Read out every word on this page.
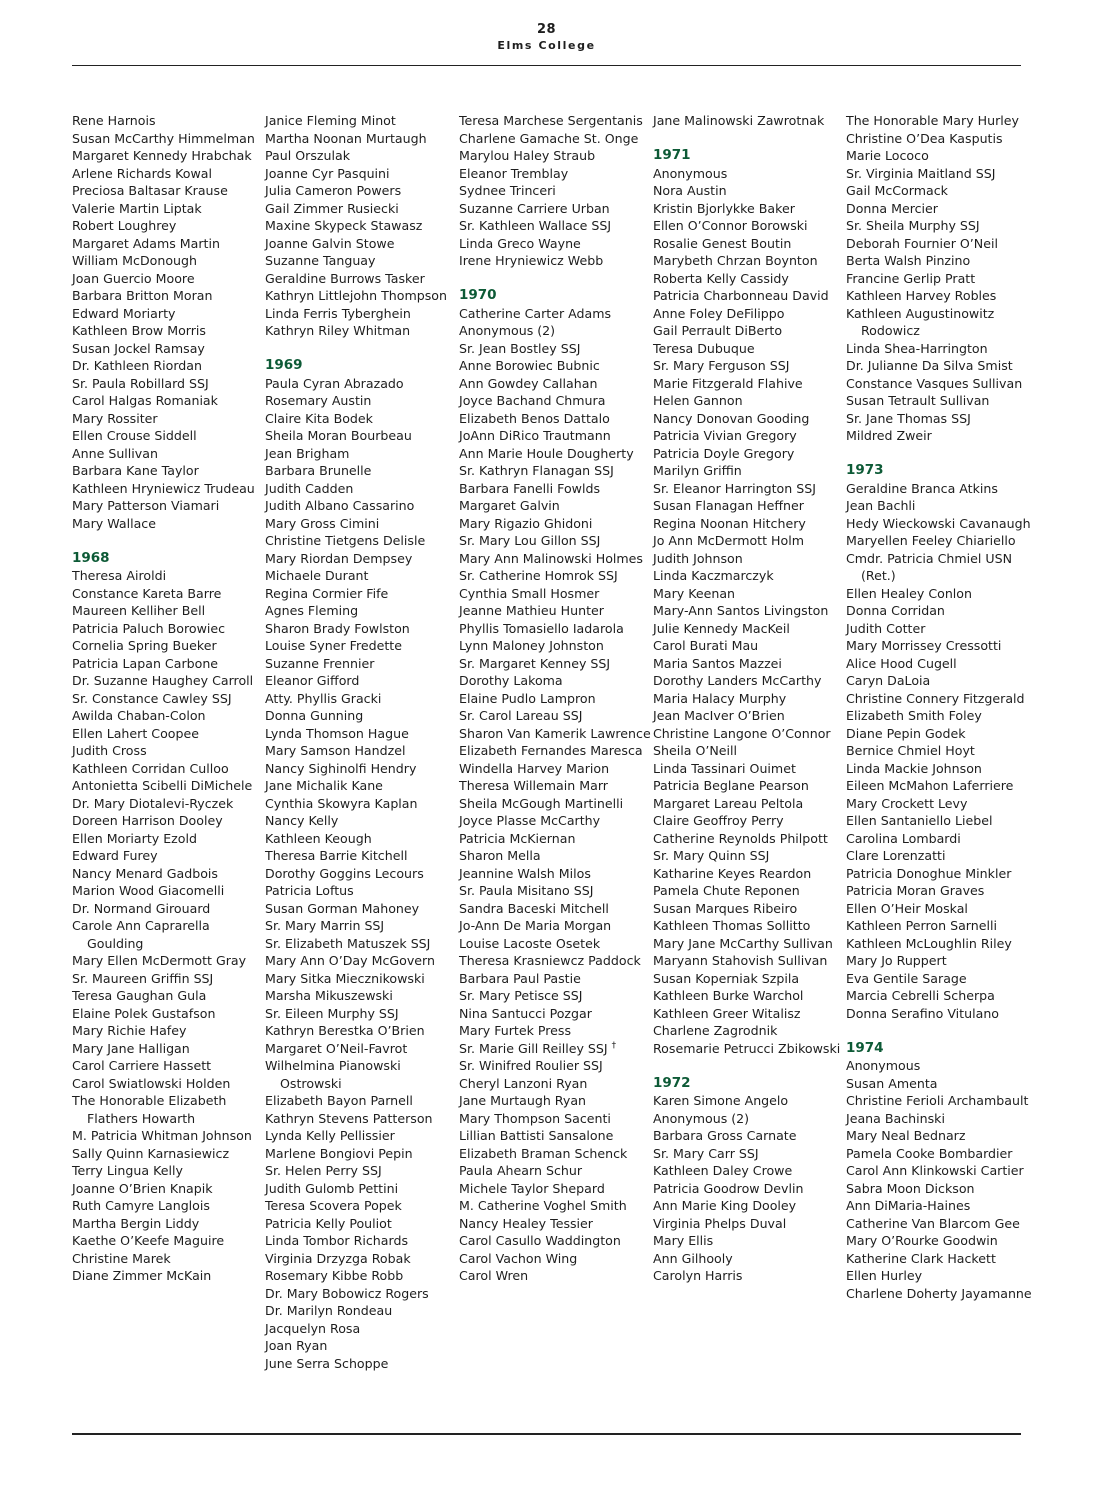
28
Elms College
Rene Harnois
Susan McCarthy Himmelman
Margaret Kennedy Hrabchak
Arlene Richards Kowal
Preciosa Baltasar Krause
Valerie Martin Liptak
Robert Loughrey
Margaret Adams Martin
William McDonough
Joan Guercio Moore
Barbara Britton Moran
Edward Moriarty
Kathleen Brow Morris
Susan Jockel Ramsay
Dr. Kathleen Riordan
Sr. Paula Robillard SSJ
Carol Halgas Romaniak
Mary Rossiter
Ellen Crouse Siddell
Anne Sullivan
Barbara Kane Taylor
Kathleen Hryniewicz Trudeau
Mary Patterson Viamari
Mary Wallace
1968
Theresa Airoldi
Constance Kareta Barre
Maureen Kelliher Bell
Patricia Paluch Borowiec
Cornelia Spring Bueker
Patricia Lapan Carbone
Dr. Suzanne Haughey Carroll
Sr. Constance Cawley SSJ
Awilda Chaban-Colon
Ellen Lahert Coopee
Judith Cross
Kathleen Corridan Culloo
Antonietta Scibelli DiMichele
Dr. Mary Diotalevi-Ryczek
Doreen Harrison Dooley
Ellen Moriarty Ezold
Edward Furey
Nancy Menard Gadbois
Marion Wood Giacomelli
Dr. Normand Girouard
Carole Ann Caprarella Goulding
Mary Ellen McDermott Gray
Sr. Maureen Griffin SSJ
Teresa Gaughan Gula
Elaine Polek Gustafson
Mary Richie Hafey
Mary Jane Halligan
Carol Carriere Hassett
Carol Swiatlowski Holden
The Honorable Elizabeth Flathers Howarth
M. Patricia Whitman Johnson
Sally Quinn Karnasiewicz
Terry Lingua Kelly
Joanne O’Brien Knapik
Ruth Camyre Langlois
Martha Bergin Liddy
Kaethe O’Keefe Maguire
Christine Marek
Diane Zimmer McKain
Janice Fleming Minot
Martha Noonan Murtaugh
Paul Orszulak
Joanne Cyr Pasquini
Julia Cameron Powers
Gail Zimmer Rusiecki
Maxine Skypeck Stawasz
Joanne Galvin Stowe
Suzanne Tanguay
Geraldine Burrows Tasker
Kathryn Littlejohn Thompson
Linda Ferris Tyberghein
Kathryn Riley Whitman
1969
Paula Cyran Abrazado
Rosemary Austin
Claire Kita Bodek
Sheila Moran Bourbeau
Jean Brigham
Barbara Brunelle
Judith Cadden
Judith Albano Cassarino
Mary Gross Cimini
Christine Tietgens Delisle
Mary Riordan Dempsey
Michaele Durant
Regina Cormier Fife
Agnes Fleming
Sharon Brady Fowlston
Louise Syner Fredette
Suzanne Frennier
Eleanor Gifford
Atty. Phyllis Gracki
Donna Gunning
Lynda Thomson Hague
Mary Samson Handzel
Nancy Sighinolfi Hendry
Jane Michalik Kane
Cynthia Skowyra Kaplan
Nancy Kelly
Kathleen Keough
Theresa Barrie Kitchell
Dorothy Goggins Lecours
Patricia Loftus
Susan Gorman Mahoney
Sr. Mary Marrin SSJ
Sr. Elizabeth Matuszek SSJ
Mary Ann O’Day McGovern
Mary Sitka Miecznikowski
Marsha Mikuszewski
Sr. Eileen Murphy SSJ
Kathryn Berestka O’Brien
Margaret O’Neil-Favrot
Wilhelmina Pianowski Ostrowski
Elizabeth Bayon Parnell
Kathryn Stevens Patterson
Lynda Kelly Pellissier
Marlene Bongiovi Pepin
Sr. Helen Perry SSJ
Judith Gulomb Pettini
Teresa Scovera Popek
Patricia Kelly Pouliot
Linda Tombor Richards
Virginia Drzyzga Robak
Rosemary Kibbe Robb
Dr. Mary Bobowicz Rogers
Dr. Marilyn Rondeau
Jacquelyn Rosa
Joan Ryan
June Serra Schoppe
Teresa Marchese Sergentanis
Charlene Gamache St. Onge
Marylou Haley Straub
Eleanor Tremblay
Sydnee Trinceri
Suzanne Carriere Urban
Sr. Kathleen Wallace SSJ
Linda Greco Wayne
Irene Hryniewicz Webb
1970
Catherine Carter Adams
Anonymous (2)
Sr. Jean Bostley SSJ
Anne Borowiec Bubnic
Ann Gowdey Callahan
Joyce Bachand Chmura
Elizabeth Benos Dattalo
JoAnn DiRico Trautmann
Ann Marie Houle Dougherty
Sr. Kathryn Flanagan SSJ
Barbara Fanelli Fowlds
Margaret Galvin
Mary Rigazio Ghidoni
Sr. Mary Lou Gillon SSJ
Mary Ann Malinowski Holmes
Sr. Catherine Homrok SSJ
Cynthia Small Hosmer
Jeanne Mathieu Hunter
Phyllis Tomasiello Iadarola
Lynn Maloney Johnston
Sr. Margaret Kenney SSJ
Dorothy Lakoma
Elaine Pudlo Lampron
Sr. Carol Lareau SSJ
Sharon Van Kamerik Lawrence
Elizabeth Fernandes Maresca
Windella Harvey Marion
Theresa Willemain Marr
Sheila McGough Martinelli
Joyce Plasse McCarthy
Patricia McKiernan
Sharon Mella
Jeannine Walsh Milos
Sr. Paula Misitano SSJ
Sandra Baceski Mitchell
Jo-Ann De Maria Morgan
Louise Lacoste Osetek
Theresa Krasniewcz Paddock
Barbara Paul Pastie
Sr. Mary Petisce SSJ
Nina Santucci Pozgar
Mary Furtek Press
Sr. Marie Gill Reilley SSJ †
Sr. Winifred Roulier SSJ
Cheryl Lanzoni Ryan
Jane Murtaugh Ryan
Mary Thompson Sacenti
Lillian Battisti Sansalone
Elizabeth Braman Schenck
Paula Ahearn Schur
Michele Taylor Shepard
M. Catherine Voghel Smith
Nancy Healey Tessier
Carol Casullo Waddington
Carol Vachon Wing
Carol Wren
Jane Malinowski Zawrotnak
1971
Anonymous
Nora Austin
Kristin Bjorlykke Baker
Ellen O’Connor Borowski
Rosalie Genest Boutin
Marybeth Chrzan Boynton
Roberta Kelly Cassidy
Patricia Charbonneau David
Anne Foley DeFilippo
Gail Perrault DiBerto
Teresa Dubuque
Sr. Mary Ferguson SSJ
Marie Fitzgerald Flahive
Helen Gannon
Nancy Donovan Gooding
Patricia Vivian Gregory
Patricia Doyle Gregory
Marilyn Griffin
Sr. Eleanor Harrington SSJ
Susan Flanagan Heffner
Regina Noonan Hitchery
Jo Ann McDermott Holm
Judith Johnson
Linda Kaczmarczyk
Mary Keenan
Mary-Ann Santos Livingston
Julie Kennedy MacKeil
Carol Burati Mau
Maria Santos Mazzei
Dorothy Landers McCarthy
Maria Halacy Murphy
Jean MacIver O’Brien
Christine Langone O’Connor
Sheila O’Neill
Linda Tassinari Ouimet
Patricia Beglane Pearson
Margaret Lareau Peltola
Claire Geoffroy Perry
Catherine Reynolds Philpott
Sr. Mary Quinn SSJ
Katharine Keyes Reardon
Pamela Chute Reponen
Susan Marques Ribeiro
Kathleen Thomas Sollitto
Mary Jane McCarthy Sullivan
Maryann Stahovish Sullivan
Susan Koperniak Szpila
Kathleen Burke Warchol
Kathleen Greer Witalisz
Charlene Zagrodnik
Rosemarie Petrucci Zbikowski
1972
Karen Simone Angelo
Anonymous (2)
Barbara Gross Carnate
Sr. Mary Carr SSJ
Kathleen Daley Crowe
Patricia Goodrow Devlin
Ann Marie King Dooley
Virginia Phelps Duval
Mary Ellis
Ann Gilhooly
Carolyn Harris
The Honorable Mary Hurley
Christine O’Dea Kasputis
Marie Lococo
Sr. Virginia Maitland SSJ
Gail McCormack
Donna Mercier
Sr. Sheila Murphy SSJ
Deborah Fournier O’Neil
Berta Walsh Pinzino
Francine Gerlip Pratt
Kathleen Harvey Robles
Kathleen Augustinowitz Rodowicz
Linda Shea-Harrington
Dr. Julianne Da Silva Smist
Constance Vasques Sullivan
Susan Tetrault Sullivan
Sr. Jane Thomas SSJ
Mildred Zweir
1973
Geraldine Branca Atkins
Jean Bachli
Hedy Wieckowski Cavanaugh
Maryellen Feeley Chiariello
Cmdr. Patricia Chmiel USN (Ret.)
Ellen Healey Conlon
Donna Corridan
Judith Cotter
Mary Morrissey Cressotti
Alice Hood Cugell
Caryn DaLoia
Christine Connery Fitzgerald
Elizabeth Smith Foley
Diane Pepin Godek
Bernice Chmiel Hoyt
Linda Mackie Johnson
Eileen McMahon Laferriere
Mary Crockett Levy
Ellen Santaniello Liebel
Carolina Lombardi
Clare Lorenzatti
Patricia Donoghue Minkler
Patricia Moran Graves
Ellen O’Heir Moskal
Kathleen Perron Sarnelli
Kathleen McLoughlin Riley
Mary Jo Ruppert
Eva Gentile Sarage
Marcia Cebrelli Scherpa
Donna Serafino Vitulano
1974
Anonymous
Susan Amenta
Christine Ferioli Archambault
Jeana Bachinski
Mary Neal Bednarz
Pamela Cooke Bombardier
Carol Ann Klinkowski Cartier
Sabra Moon Dickson
Ann DiMaria-Haines
Catherine Van Blarcom Gee
Mary O’Rourke Goodwin
Katherine Clark Hackett
Ellen Hurley
Charlene Doherty Jayamanne
